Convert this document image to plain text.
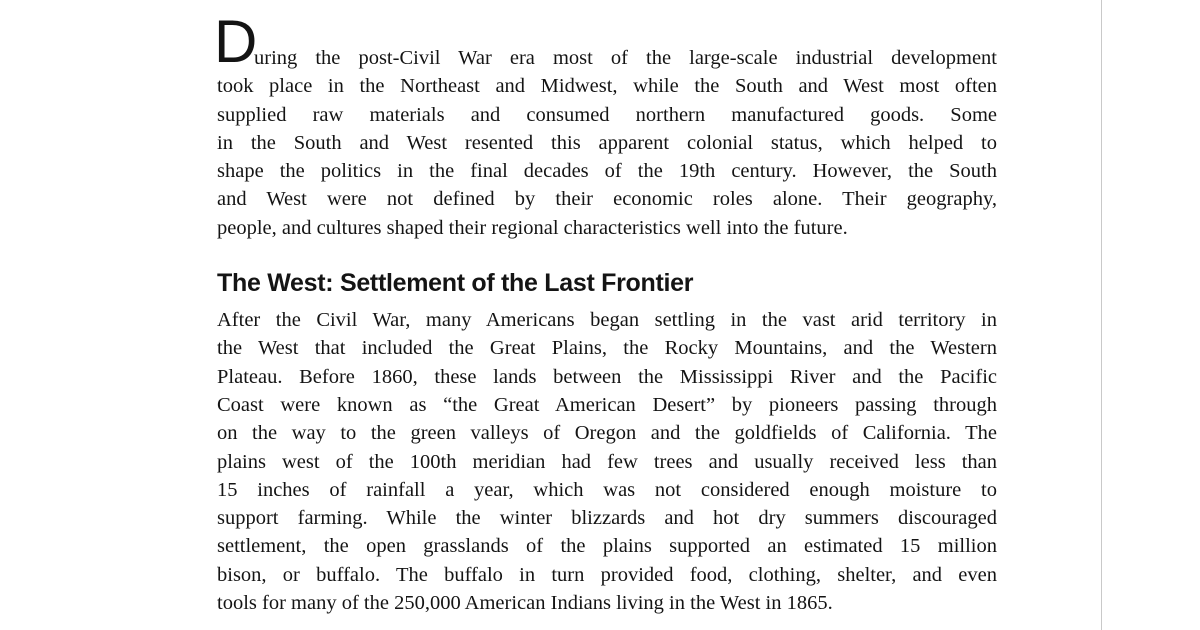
D
uring the post-Civil War era most of the large-scale industrial development
took place in the Northeast and Midwest, while the South and West most often
supplied raw materials and consumed northern manufactured goods. Some
in the South and West resented this apparent colonial status, which helped to
shape the politics in the final decades of the 19th century. However, the South
and West were not defined by their economic roles alone. Their geography,
people, and cultures shaped their regional characteristics well into the future.
The West: Settlement of the Last Frontier
After the Civil War, many Americans began settling in the vast arid territory in
the West that included the Great Plains, the Rocky Mountains, and the Western
Plateau. Before 1860, these lands between the Mississippi River and the Pacific
Coast were known as “the Great American Desert” by pioneers passing through
on the way to the green valleys of Oregon and the goldfields of California. The
plains west of the 100th meridian had few trees and usually received less than
15 inches of rainfall a year, which was not considered enough moisture to
support farming. While the winter blizzards and hot dry summers discouraged
settlement, the open grasslands of the plains supported an estimated 15 million
bison, or buffalo. The buffalo in turn provided food, clothing, shelter, and even
tools for many of the 250,000 American Indians living in the West in 1865.
